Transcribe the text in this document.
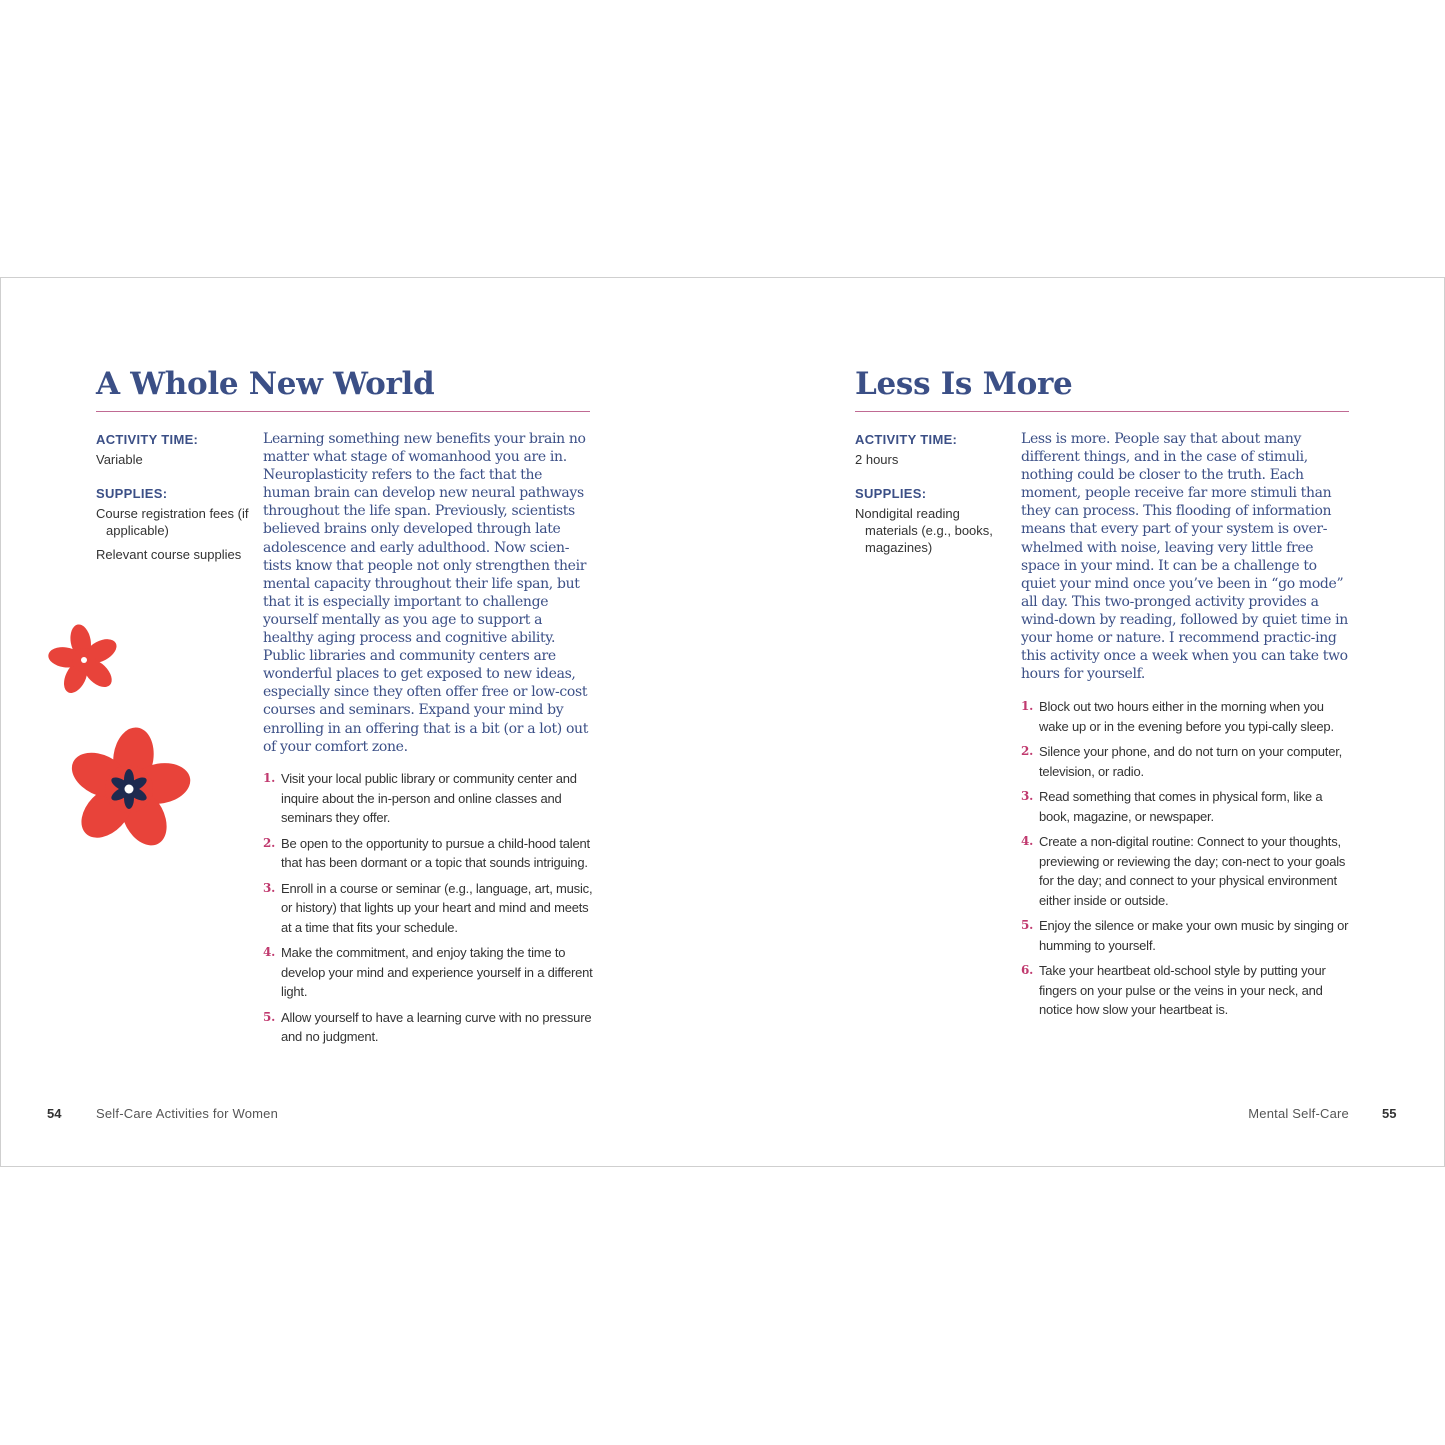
A Whole New World
ACTIVITY TIME:
Variable
SUPPLIES:
Course registration fees (if applicable)
Relevant course supplies

Learning something new benefits your brain no matter what stage of womanhood you are in. Neuroplasticity refers to the fact that the human brain can develop new neural pathways throughout the life span. Previously, scientists believed brains only developed through late adolescence and early adulthood. Now scien-tists know that people not only strengthen their mental capacity throughout their life span, but that it is especially important to challenge yourself mentally as you age to support a healthy aging process and cognitive ability. Public libraries and community centers are wonderful places to get exposed to new ideas, especially since they often offer free or low-cost courses and seminars. Expand your mind by enrolling in an offering that is a bit (or a lot) out of your comfort zone.

1. Visit your local public library or community center and inquire about the in-person and online classes and seminars they offer.
2. Be open to the opportunity to pursue a child-hood talent that has been dormant or a topic that sounds intriguing.
3. Enroll in a course or seminar (e.g., language, art, music, or history) that lights up your heart and mind and meets at a time that fits your schedule.
4. Make the commitment, and enjoy taking the time to develop your mind and experience yourself in a different light.
5. Allow yourself to have a learning curve with no pressure and no judgment.
Less Is More
ACTIVITY TIME:
2 hours
SUPPLIES:
Nondigital reading materials (e.g., books, magazines)

Less is more. People say that about many different things, and in the case of stimuli, nothing could be closer to the truth. Each moment, people receive far more stimuli than they can process. This flooding of information means that every part of your system is over-whelmed with noise, leaving very little free space in your mind. It can be a challenge to quiet your mind once you’ve been in “go mode” all day. This two-pronged activity provides a wind-down by reading, followed by quiet time in your home or nature. I recommend practic-ing this activity once a week when you can take two hours for yourself.

1. Block out two hours either in the morning when you wake up or in the evening before you typi-cally sleep.
2. Silence your phone, and do not turn on your computer, television, or radio.
3. Read something that comes in physical form, like a book, magazine, or newspaper.
4. Create a non-digital routine: Connect to your thoughts, previewing or reviewing the day; con-nect to your goals for the day; and connect to your physical environment either inside or outside.
5. Enjoy the silence or make your own music by singing or humming to yourself.
6. Take your heartbeat old-school style by putting your fingers on your pulse or the veins in your neck, and notice how slow your heartbeat is.
54	Self-Care Activities for Women	Mental Self-Care	55
